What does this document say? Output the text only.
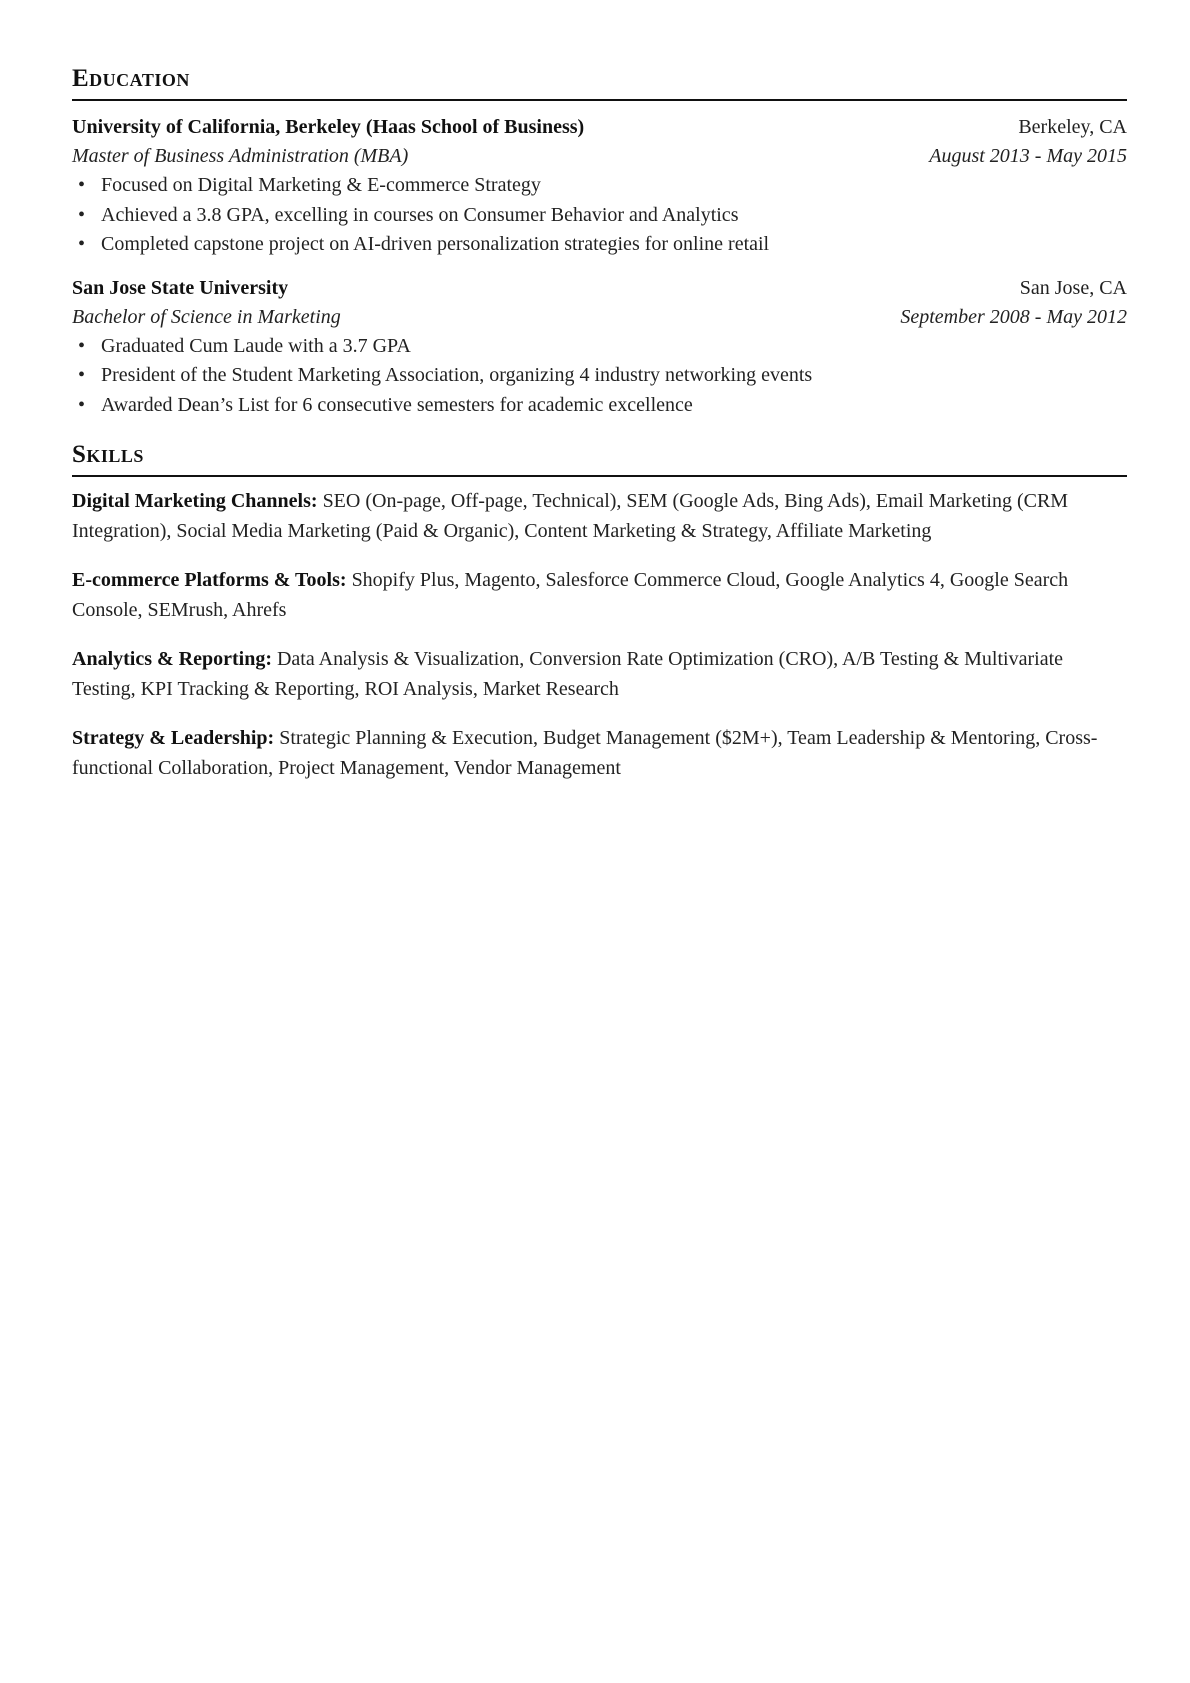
Education
University of California, Berkeley (Haas School of Business)	Berkeley, CA
Master of Business Administration (MBA)	August 2013 - May 2015
• Focused on Digital Marketing & E-commerce Strategy
• Achieved a 3.8 GPA, excelling in courses on Consumer Behavior and Analytics
• Completed capstone project on AI-driven personalization strategies for online retail
San Jose State University	San Jose, CA
Bachelor of Science in Marketing	September 2008 - May 2012
• Graduated Cum Laude with a 3.7 GPA
• President of the Student Marketing Association, organizing 4 industry networking events
• Awarded Dean’s List for 6 consecutive semesters for academic excellence
Skills

Digital Marketing Channels: SEO (On-page, Off-page, Technical), SEM (Google Ads, Bing Ads), Email Marketing (CRM Integration), Social Media Marketing (Paid & Organic), Content Marketing & Strategy, Affiliate Marketing

E-commerce Platforms & Tools: Shopify Plus, Magento, Salesforce Commerce Cloud, Google Analytics 4, Google Search Console, SEMrush, Ahrefs

Analytics & Reporting: Data Analysis & Visualization, Conversion Rate Optimization (CRO), A/B Testing & Multivariate Testing, KPI Tracking & Reporting, ROI Analysis, Market Research

Strategy & Leadership: Strategic Planning & Execution, Budget Management ($2M+), Team Leadership & Mentoring, Cross-functional Collaboration, Project Management, Vendor Management
